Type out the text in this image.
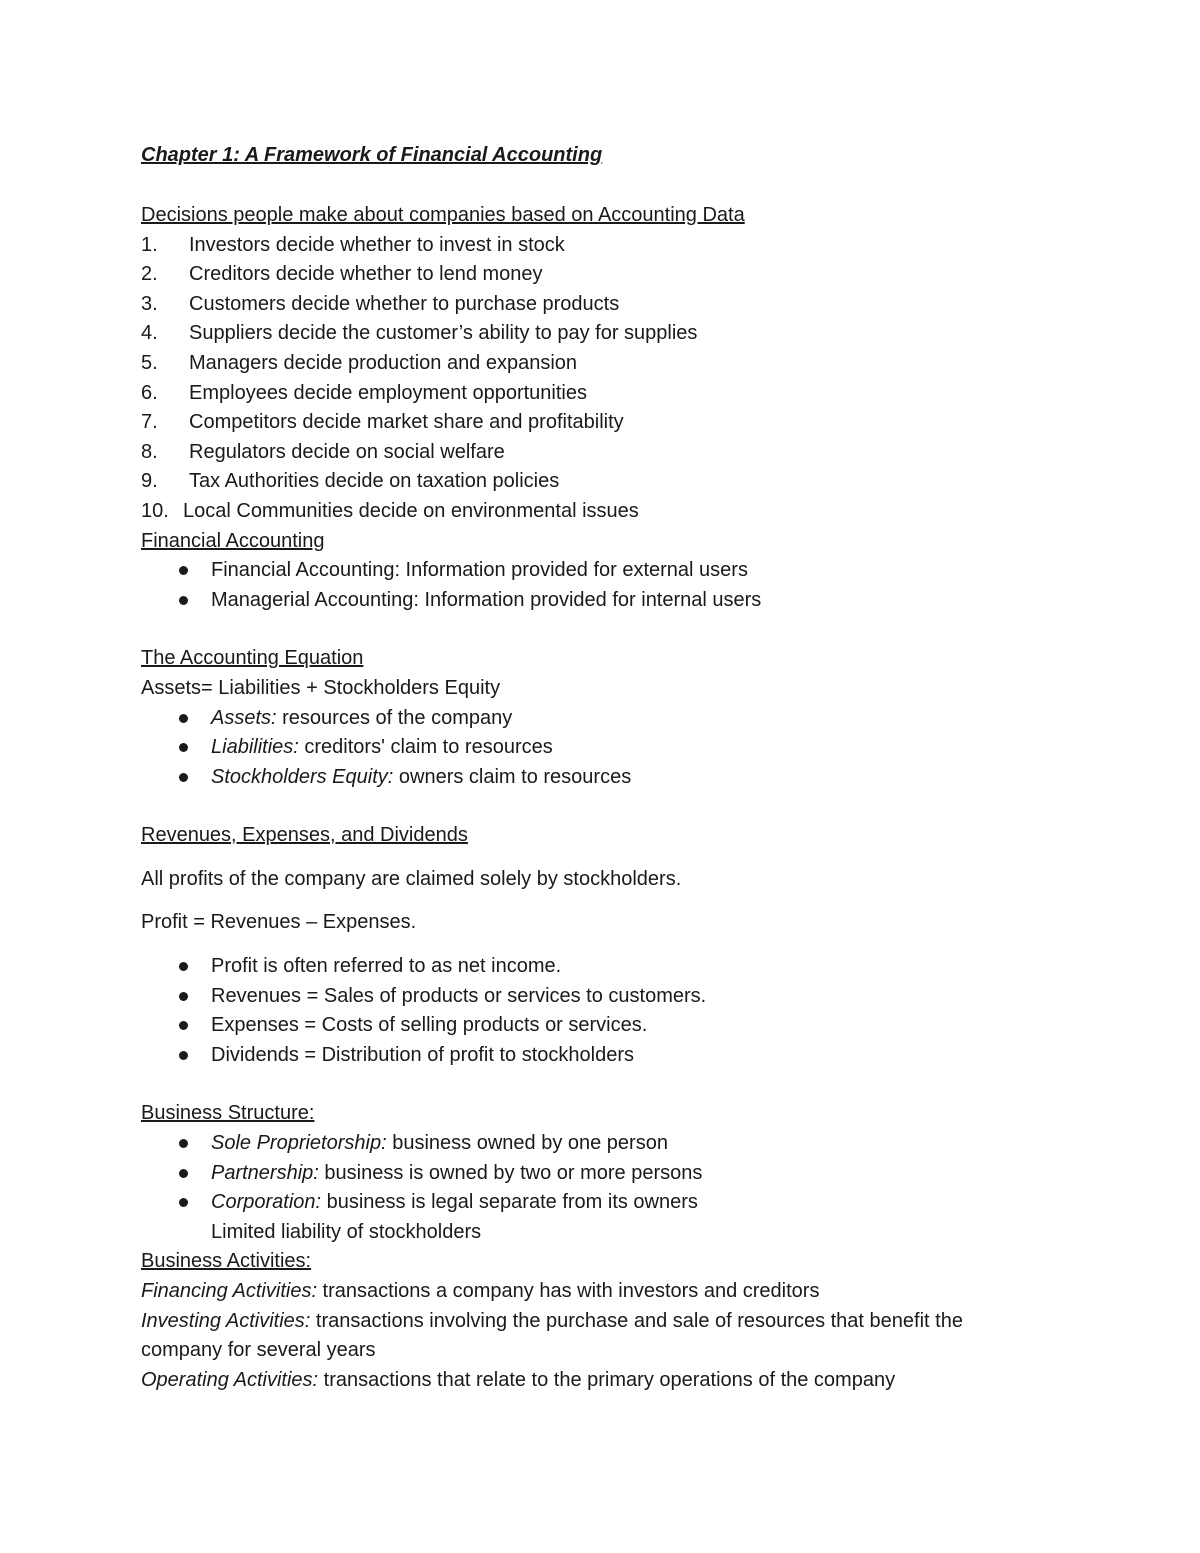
Chapter 1: A Framework of Financial Accounting
Decisions people make about companies based on Accounting Data
1. Investors decide whether to invest in stock
2. Creditors decide whether to lend money
3. Customers decide whether to purchase products
4. Suppliers decide the customer’s ability to pay for supplies
5. Managers decide production and expansion
6. Employees decide employment opportunities
7. Competitors decide market share and profitability
8. Regulators decide on social welfare
9. Tax Authorities decide on taxation policies
10. Local Communities decide on environmental issues
Financial Accounting
Financial Accounting: Information provided for external users
Managerial Accounting: Information provided for internal users
The Accounting Equation
Assets= Liabilities + Stockholders Equity
Assets: resources of the company
Liabilities: creditors' claim to resources
Stockholders Equity: owners claim to resources
Revenues, Expenses, and Dividends
All profits of the company are claimed solely by stockholders.
Profit = Revenues – Expenses.
Profit is often referred to as net income.
Revenues = Sales of products or services to customers.
Expenses = Costs of selling products or services.
Dividends = Distribution of profit to stockholders
Business Structure:
Sole Proprietorship: business owned by one person
Partnership: business is owned by two or more persons
Corporation: business is legal separate from its owners
Limited liability of stockholders
Business Activities:
Financing Activities: transactions a company has with investors and creditors
Investing Activities: transactions involving the purchase and sale of resources that benefit the company for several years
Operating Activities: transactions that relate to the primary operations of the company
